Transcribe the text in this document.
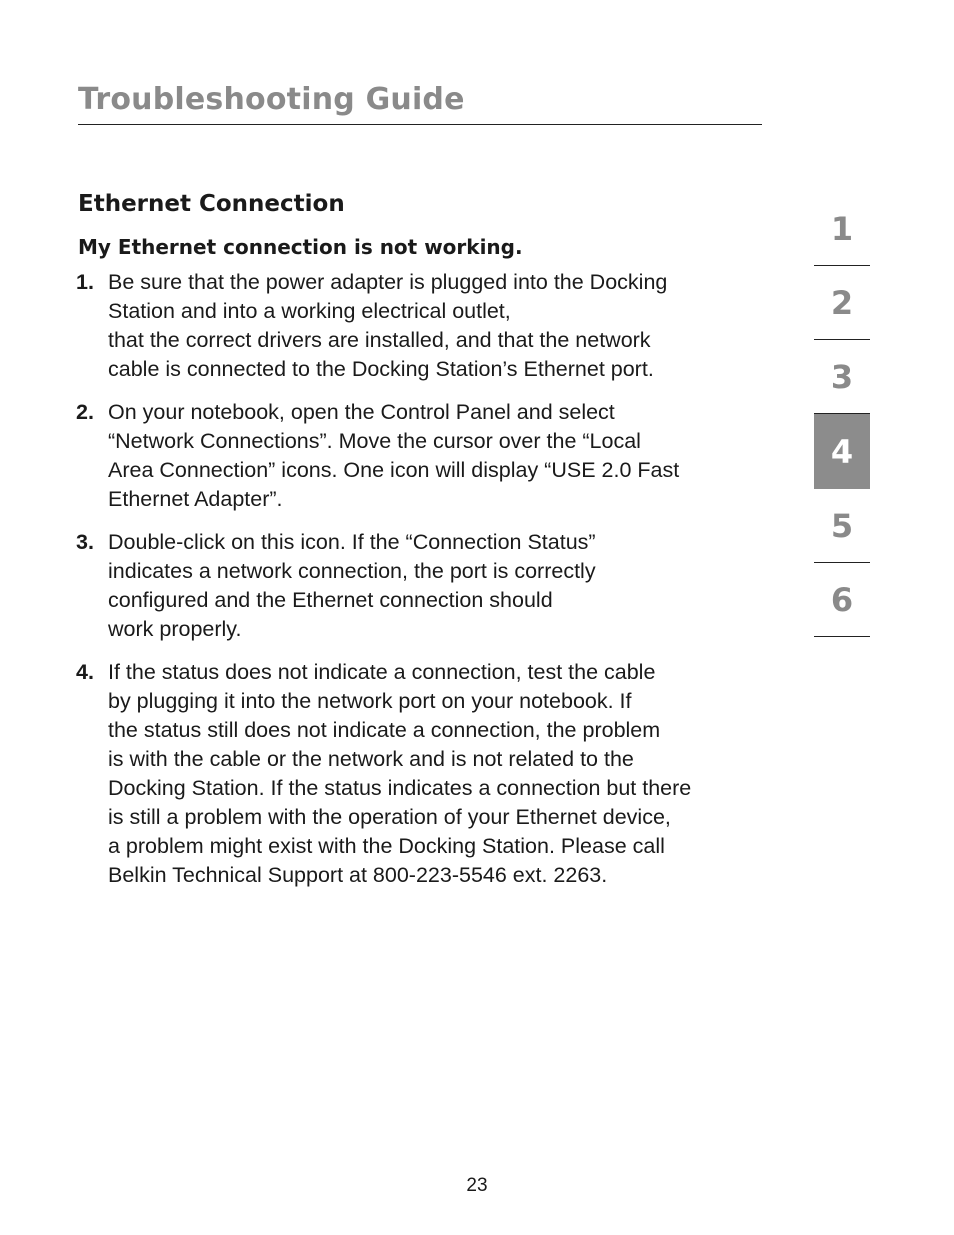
Troubleshooting Guide
Ethernet Connection
My Ethernet connection is not working.
1. Be sure that the power adapter is plugged into the Docking
Station and into a working electrical outlet,
that the correct drivers are installed, and that the network
cable is connected to the Docking Station’s Ethernet port.
2. On your notebook, open the Control Panel and select
“Network Connections”. Move the cursor over the “Local
Area Connection” icons. One icon will display “USE 2.0 Fast
Ethernet Adapter”.
3. Double-click on this icon. If the “Connection Status”
indicates a network connection, the port is correctly
configured and the Ethernet connection should
work properly.
4. If the status does not indicate a connection, test the cable
by plugging it into the network port on your notebook. If
the status still does not indicate a connection, the problem
is with the cable or the network and is not related to the
Docking Station. If the status indicates a connection but there
is still a problem with the operation of your Ethernet device,
a problem might exist with the Docking Station. Please call
Belkin Technical Support at 800-223-5546 ext. 2263.
1
2
3
4
5
6
23
